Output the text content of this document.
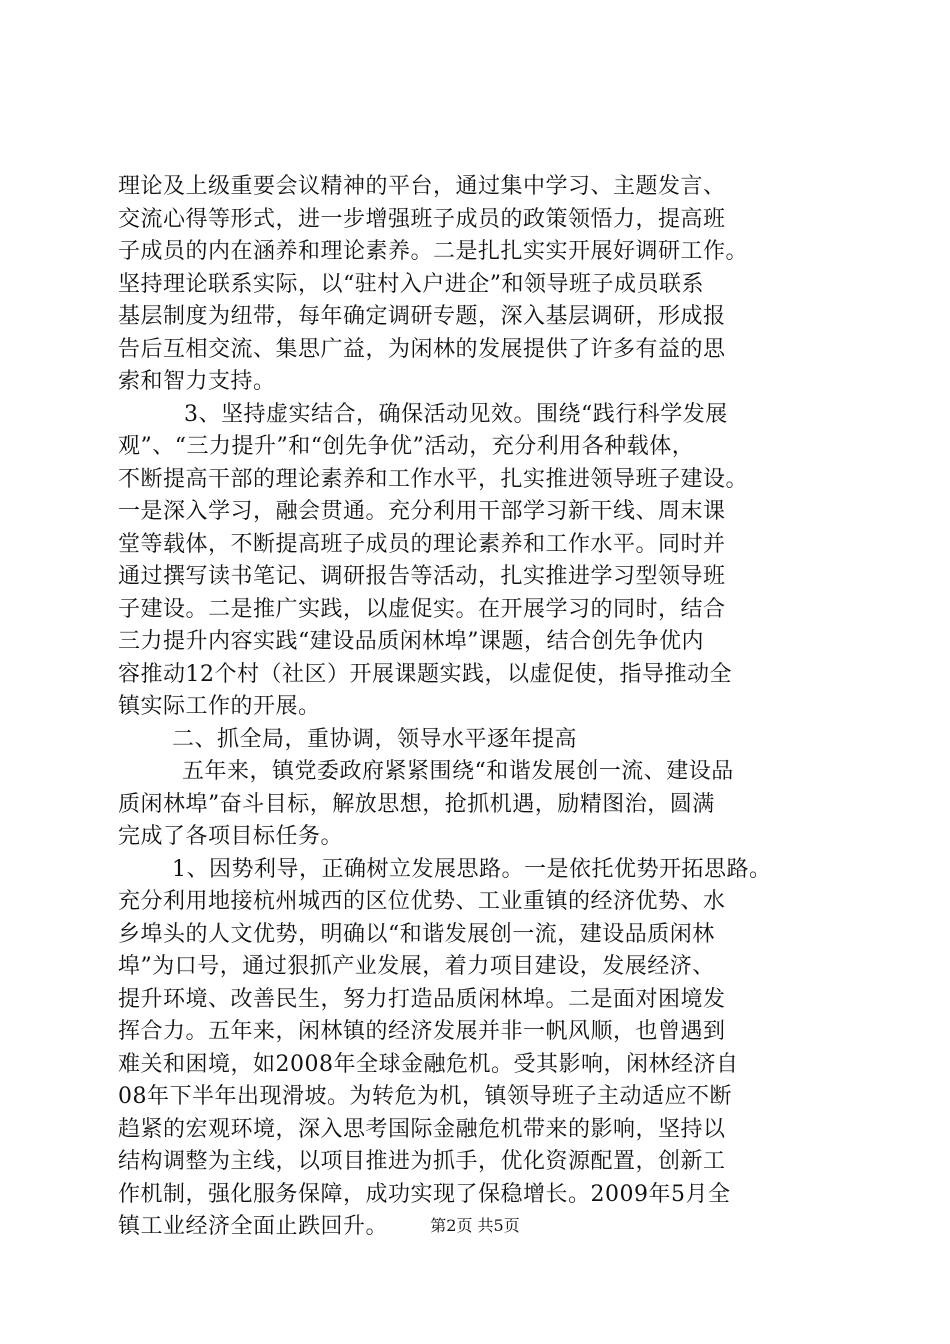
理论及上级重要会议精神的平台，通过集中学习、主题发言、
交流心得等形式，进一步增强班子成员的政策领悟力，提高班
子成员的内在涵养和理论素养。二是扎扎实实开展好调研工作。
坚持理论联系实际，以“驻村入户进企”和领导班子成员联系
基层制度为纽带，每年确定调研专题，深入基层调研，形成报
告后互相交流、集思广益，为闲林的发展提供了许多有益的思
索和智力支持。
3、坚持虚实结合，确保活动见效。围绕“践行科学发展
观”、“三力提升”和“创先争优”活动，充分利用各种载体，
不断提高干部的理论素养和工作水平，扎实推进领导班子建设。
一是深入学习，融会贯通。充分利用干部学习新干线、周末课
堂等载体，不断提高班子成员的理论素养和工作水平。同时并
通过撰写读书笔记、调研报告等活动，扎实推进学习型领导班
子建设。二是推广实践，以虚促实。在开展学习的同时，结合
三力提升内容实践“建设品质闲林埠”课题，结合创先争优内
容推动12个村（社区）开展课题实践，以虚促使，指导推动全
镇实际工作的开展。
二、抓全局，重协调，领导水平逐年提高
五年来，镇党委政府紧紧围绕“和谐发展创一流、建设品
质闲林埠”奋斗目标，解放思想，抢抓机遇，励精图治，圆满
完成了各项目标任务。
1、因势利导，正确树立发展思路。一是依托优势开拓思路。
充分利用地接杭州城西的区位优势、工业重镇的经济优势、水
乡埠头的人文优势，明确以“和谐发展创一流，建设品质闲林
埠”为口号，通过狠抓产业发展，着力项目建设，发展经济、
提升环境、改善民生，努力打造品质闲林埠。二是面对困境发
挥合力。五年来，闲林镇的经济发展并非一帆风顺，也曾遇到
难关和困境，如2008年全球金融危机。受其影响，闲林经济自
08年下半年出现滑坡。为转危为机，镇领导班子主动适应不断
趋紧的宏观环境，深入思考国际金融危机带来的影响，坚持以
结构调整为主线，以项目推进为抓手，优化资源配置，创新工
作机制，强化服务保障，成功实现了保稳增长。2009年5月全
镇工业经济全面止跌回升。	第2页 共5页
